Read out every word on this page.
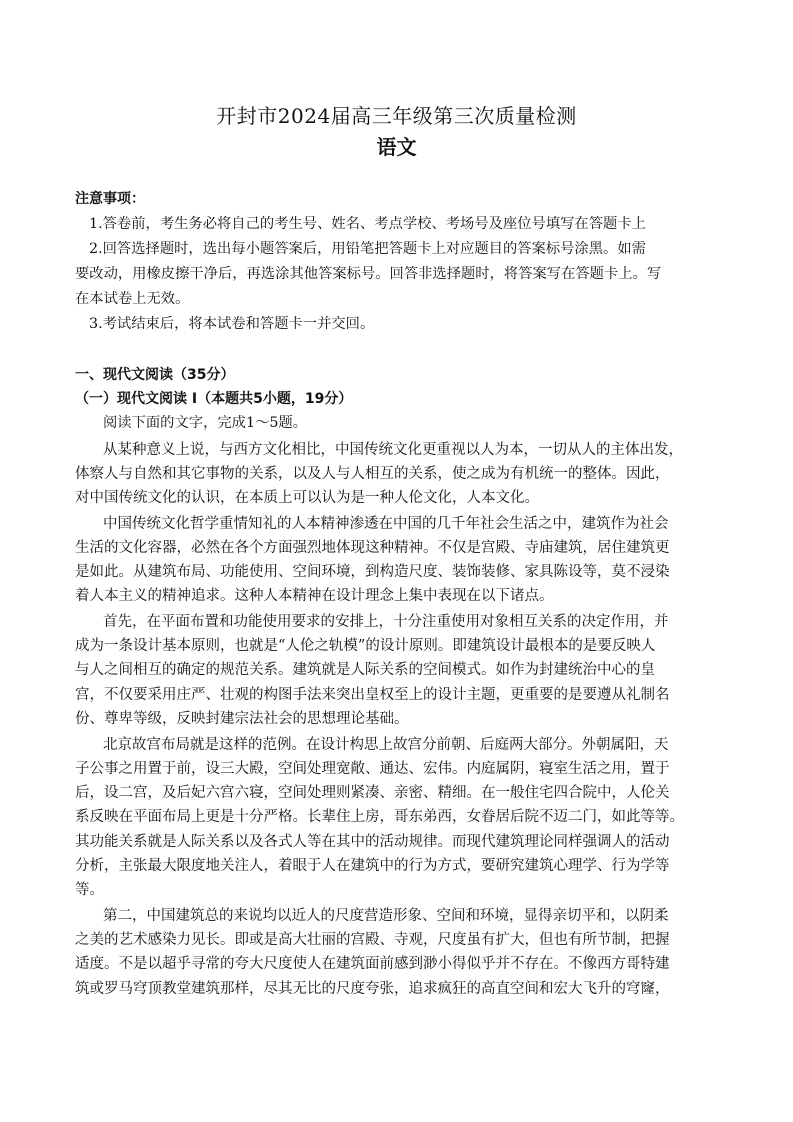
开封市2024届高三年级第三次质量检测
语文
注意事项：
1.答卷前，考生务必将自己的考生号、姓名、考点学校、考场号及座位号填写在答题卡上
2.回答选择题时，选出每小题答案后，用铅笔把答题卡上对应题目的答案标号涂黑。如需
要改动，用橡皮擦干净后，再选涂其他答案标号。回答非选择题时，将答案写在答题卡上。写
在本试卷上无效。
3.考试结束后，将本试卷和答题卡一并交回。
一、现代文阅读（35分）
（一）现代文阅读 I（本题共5小题，19分）
阅读下面的文字，完成1～5题。
从某种意义上说，与西方文化相比，中国传统文化更重视以人为本，一切从人的主体出发，
体察人与自然和其它事物的关系，以及人与人相互的关系，使之成为有机统一的整体。因此，
对中国传统文化的认识，在本质上可以认为是一种人伦文化，人本文化。
中国传统文化哲学重情知礼的人本精神渗透在中国的几千年社会生活之中，建筑作为社会
生活的文化容器，必然在各个方面强烈地体现这种精神。不仅是宫殿、寺庙建筑，居住建筑更
是如此。从建筑布局、功能使用、空间环境，到构造尺度、装饰装修、家具陈设等，莫不浸染
着人本主义的精神追求。这种人本精神在设计理念上集中表现在以下诸点。
首先，在平面布置和功能使用要求的安排上，十分注重使用对象相互关系的决定作用，并
成为一条设计基本原则，也就是“人伦之轨模”的设计原则。即建筑设计最根本的是要反映人
与人之间相互的确定的规范关系。建筑就是人际关系的空间模式。如作为封建统治中心的皇
宫，不仅要采用庄严、壮观的构图手法来突出皇权至上的设计主题，更重要的是要遵从礼制名
份、尊卑等级，反映封建宗法社会的思想理论基础。
北京故宫布局就是这样的范例。在设计构思上故宫分前朝、后庭两大部分。外朝属阳，天
子公事之用置于前，设三大殿，空间处理宽敞、通达、宏伟。内庭属阴，寝室生活之用，置于
后，设二宫，及后妃六宫六寝，空间处理则紧凑、亲密、精细。在一般住宅四合院中，人伦关
系反映在平面布局上更是十分严格。长辈住上房，哥东弟西，女眷居后院不迈二门，如此等等。
其功能关系就是人际关系以及各式人等在其中的活动规律。而现代建筑理论同样强调人的活动
分析，主张最大限度地关注人，着眼于人在建筑中的行为方式，要研究建筑心理学、行为学等
等。
第二，中国建筑总的来说均以近人的尺度营造形象、空间和环境，显得亲切平和，以阴柔
之美的艺术感染力见长。即或是高大壮丽的宫殿、寺观，尺度虽有扩大，但也有所节制，把握
适度。不是以超乎寻常的夸大尺度使人在建筑面前感到渺小得似乎并不存在。不像西方哥特建
筑或罗马穹顶教堂建筑那样，尽其无比的尺度夸张，追求疯狂的高直空间和宏大飞升的穹窿，
